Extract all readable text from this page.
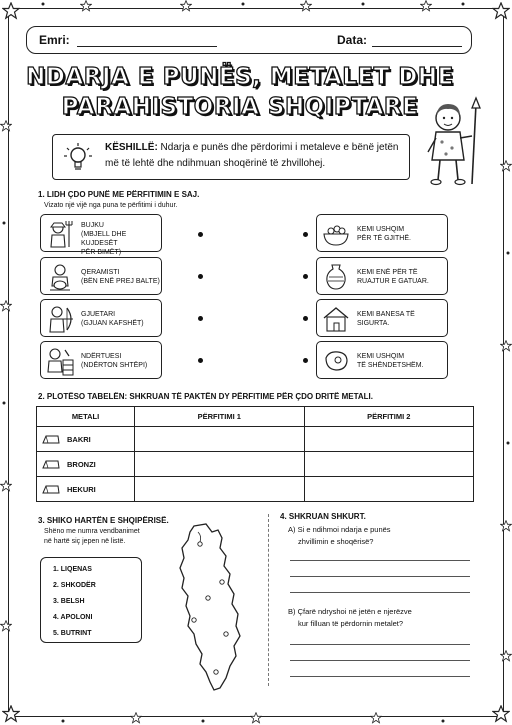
Emri:	Data:
NDARJA E PUNËS, METALET DHE
PARAHISTORIA SHQIPTARE
KËSHILLË: Ndarja e punës dhe përdorimi i metaleve e bënë jetën
më të lehtë dhe ndihmuan shoqërinë të zhvillohej.
1. LIDH ÇDO PUNË ME PËRFITIMIN E SAJ.
Vizato një vijë nga puna te përfitimi i duhur.
BUJKU
(MBJELL DHE KUJDESËT
PËR BIMËT)
QERAMISTI
(BËN ENË PREJ BALTE)
GJUETARI
(GJUAN KAFSHËT)
NDËRTUESI
(NDËRTON SHTËPI)
KEMI USHQIM
PËR TË GJITHË.
KEMI ENË PËR TË
RUAJTUR E GATUAR.
KEMI BANESA TË
SIGURTA.
KEMI USHQIM
TË SHËNDETSHËM.
2. PLOTËSO TABELËN: SHKRUAN TË PAKTËN DY PËRFITIME PËR ÇDO DRITË METALI.
METALI	PËRFITIMI 1	PËRFITIMI 2

BAKRI		

BRONZI		

HEKURI		

3. SHIKO HARTËN E SHQIPËRISË.
Shëno me numra vendbanimet
në hartë siç jepen në listë.
1. LIQENAS
2. SHKODËR
3. BELSH
4. APOLONI
5. BUTRINT
4. SHKRUAN SHKURT.
A) Si e ndihmoi ndarja e punës
zhvillimin e shoqërisë?
B) Çfarë ndryshoi në jetën e njerëzve
kur filluan të përdornin metalet?
